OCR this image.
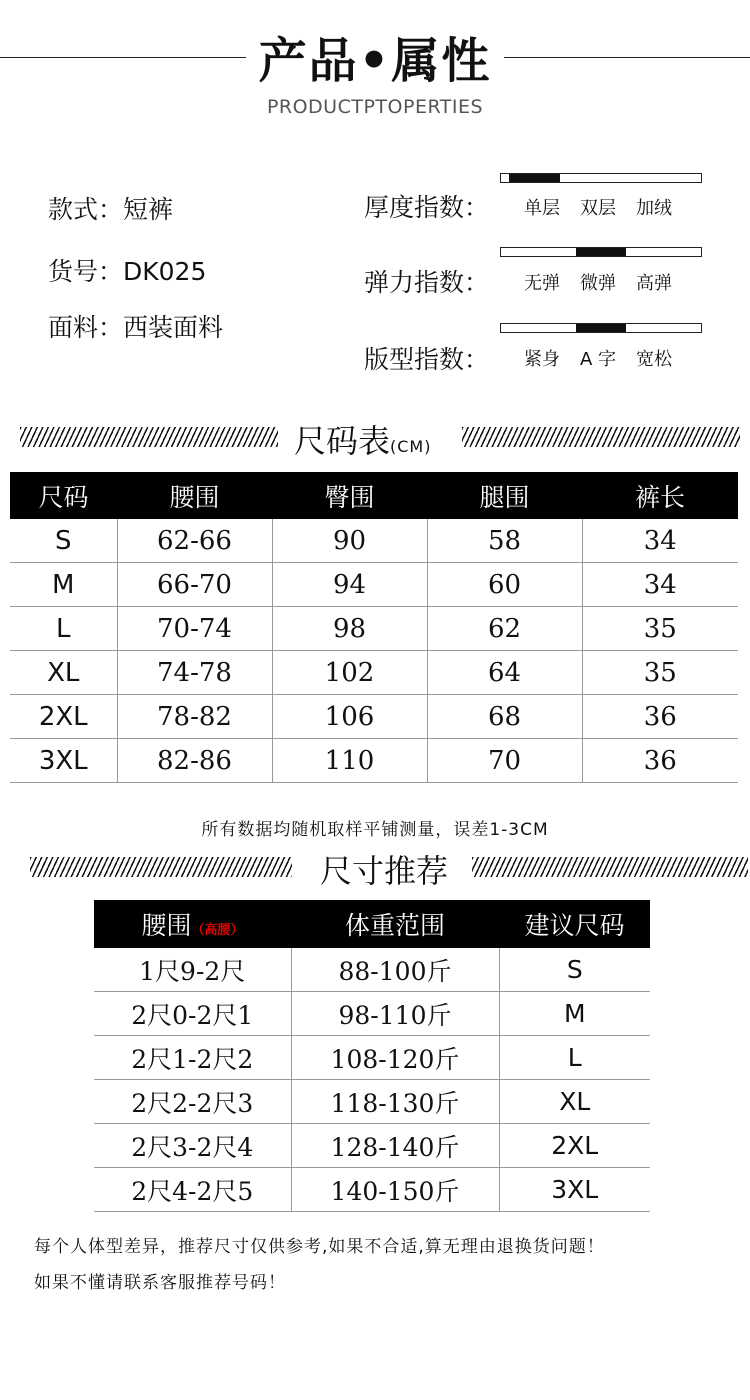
产品•属性
PRODUCTPTOPERTIES
款式：短裤
货号：DK025
面料：西装面料
厚度指数： 单层	双层	加绒
弹力指数： 无弹	微弹	高弹
版型指数： 紧身	A 字	宽松
尺码表(CM)
尺码	腰围	臀围	腿围	裤长
S	62-66	90	58	34
M	66-70	94	60	34
L	70-74	98	62	35
XL	74-78	102	64	35
2XL	78-82	106	68	36
3XL	82-86	110	70	36
所有数据均随机取样平铺测量，误差1-3CM
尺寸推荐
腰围（高腰）	体重范围	建议尺码
1尺9-2尺	88-100斤	S
2尺0-2尺1	98-110斤	M
2尺1-2尺2	108-120斤	L
2尺2-2尺3	118-130斤	XL
2尺3-2尺4	128-140斤	2XL
2尺4-2尺5	140-150斤	3XL
每个人体型差异，推荐尺寸仅供参考,如果不合适,算无理由退换货问题！
如果不懂请联系客服推荐号码！
